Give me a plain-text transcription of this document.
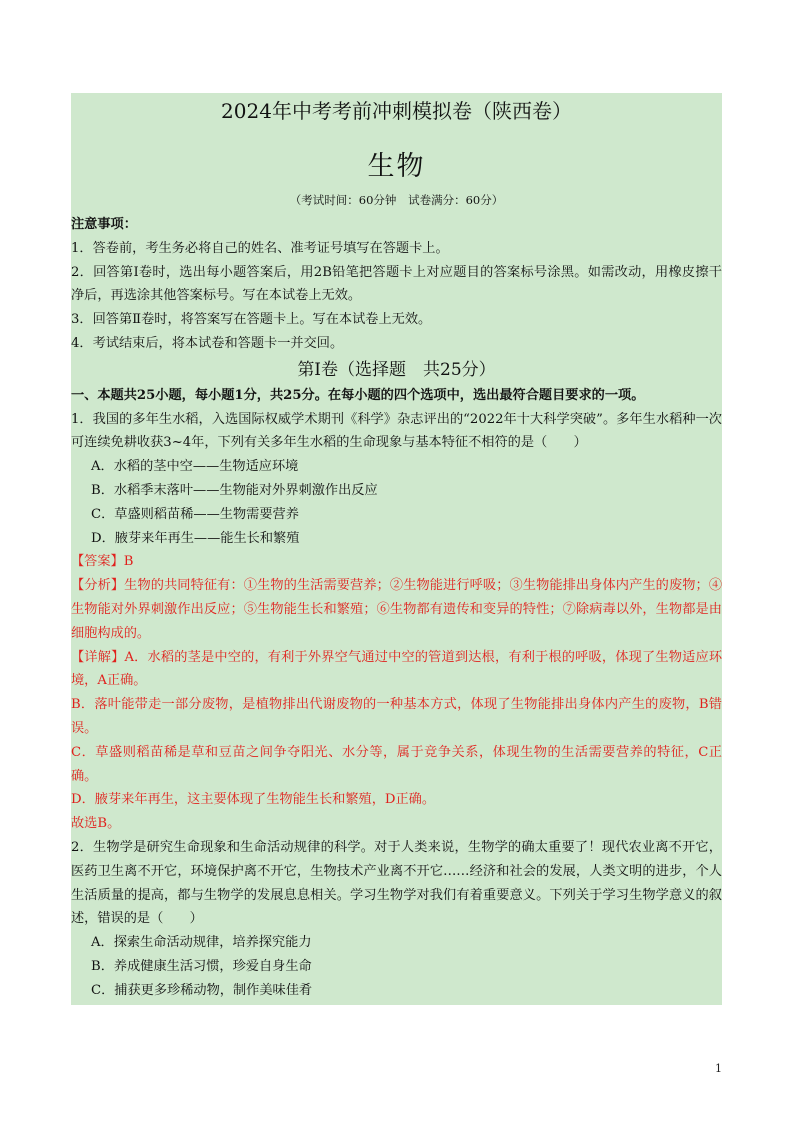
2024年中考考前冲刺模拟卷（陕西卷）
生物
（考试时间：60分钟 试卷满分：60分）

注意事项：

1．答卷前，考生务必将自己的姓名、准考证号填写在答题卡上。

2．回答第Ⅰ卷时，选出每小题答案后，用2B铅笔把答题卡上对应题目的答案标号涂黑。如需改动，用橡皮擦干净后，再选涂其他答案标号。写在本试卷上无效。

3．回答第Ⅱ卷时，将答案写在答题卡上。写在本试卷上无效。

4．考试结束后，将本试卷和答题卡一并交回。

第Ⅰ卷（选择题　共25分）

一、本题共25小题，每小题1分，共25分。在每小题的四个选项中，选出最符合题目要求的一项。

1．我国的多年生水稻，入选国际权威学术期刊《科学》杂志评出的“2022年十大科学突破”。多年生水稻种一次可连续免耕收获3~4年，下列有关多年生水稻的生命现象与基本特征不相符的是（　　）

A．水稻的茎中空——生物适应环境

B．水稻季末落叶——生物能对外界刺激作出反应

C．草盛则稻苗稀——生物需要营养

D．腋芽来年再生——能生长和繁殖

【答案】B

【分析】生物的共同特征有：①生物的生活需要营养；②生物能进行呼吸；③生物能排出身体内产生的废物；④生物能对外界刺激作出反应；⑤生物能生长和繁殖；⑥生物都有遗传和变异的特性；⑦除病毒以外，生物都是由细胞构成的。

【详解】A．水稻的茎是中空的，有利于外界空气通过中空的管道到达根，有利于根的呼吸，体现了生物适应环境，A正确。

B．落叶能带走一部分废物，是植物排出代谢废物的一种基本方式，体现了生物能排出身体内产生的废物，B错误。

C．草盛则稻苗稀是草和豆苗之间争夺阳光、水分等，属于竞争关系，体现生物的生活需要营养的特征，C正确。

D．腋芽来年再生，这主要体现了生物能生长和繁殖，D正确。

故选B。

2．生物学是研究生命现象和生命活动规律的科学。对于人类来说，生物学的确太重要了！现代农业离不开它，医药卫生离不开它，环境保护离不开它，生物技术产业离不开它……经济和社会的发展，人类文明的进步，个人生活质量的提高，都与生物学的发展息息相关。学习生物学对我们有着重要意义。下列关于学习生物学意义的叙述，错误的是（　　）

A．探索生命活动规律，培养探究能力

B．养成健康生活习惯，珍爱自身生命

C．捕获更多珍稀动物，制作美味佳肴

1
